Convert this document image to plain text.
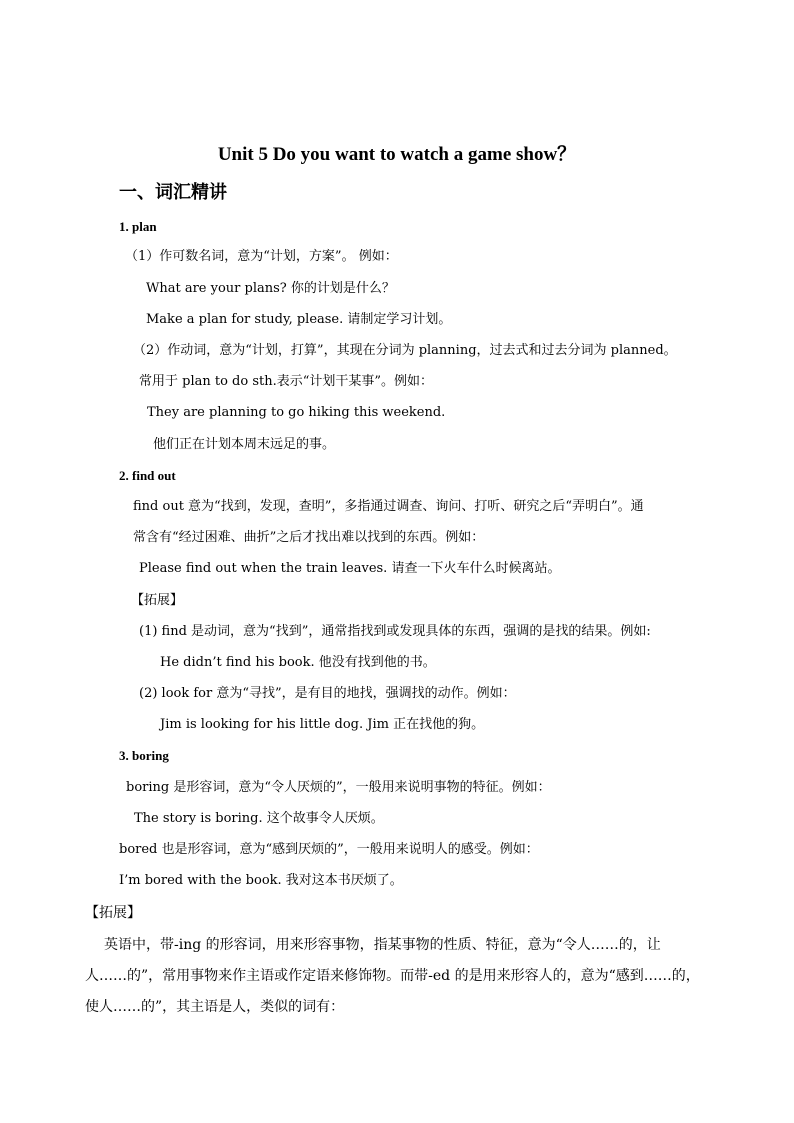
Unit 5 Do you want to watch a game show？
一、词汇精讲
1. plan
（1）作可数名词，意为“计划，方案”。 例如：
What are your plans? 你的计划是什么？
Make a plan for study, please. 请制定学习计划。
（2）作动词，意为“计划，打算”，其现在分词为 planning，过去式和过去分词为 planned。
常用于 plan to do sth.表示“计划干某事”。例如：
They are planning to go hiking this weekend.
他们正在计划本周末远足的事。
2. find out
find out 意为“找到，发现，查明”，多指通过调查、询问、打听、研究之后“弄明白”。通
常含有“经过困难、曲折”之后才找出难以找到的东西。例如：
Please find out when the train leaves. 请查一下火车什么时候离站。
【拓展】
(1) find 是动词，意为“找到”，通常指找到或发现具体的东西，强调的是找的结果。例如:
He didn’t find his book. 他没有找到他的书。
(2) look for 意为“寻找”，是有目的地找，强调找的动作。例如：
Jim is looking for his little dog. Jim 正在找他的狗。
3. boring
boring 是形容词，意为“令人厌烦的”，一般用来说明事物的特征。例如：
The story is boring. 这个故事令人厌烦。
bored 也是形容词，意为“感到厌烦的”，一般用来说明人的感受。例如：
I’m bored with the book. 我对这本书厌烦了。
【拓展】
英语中，带-ing 的形容词，用来形容事物，指某事物的性质、特征，意为“令人……的，让
人……的”，常用事物来作主语或作定语来修饰物。而带-ed 的是用来形容人的，意为“感到……的，
使人……的”，其主语是人，类似的词有：
